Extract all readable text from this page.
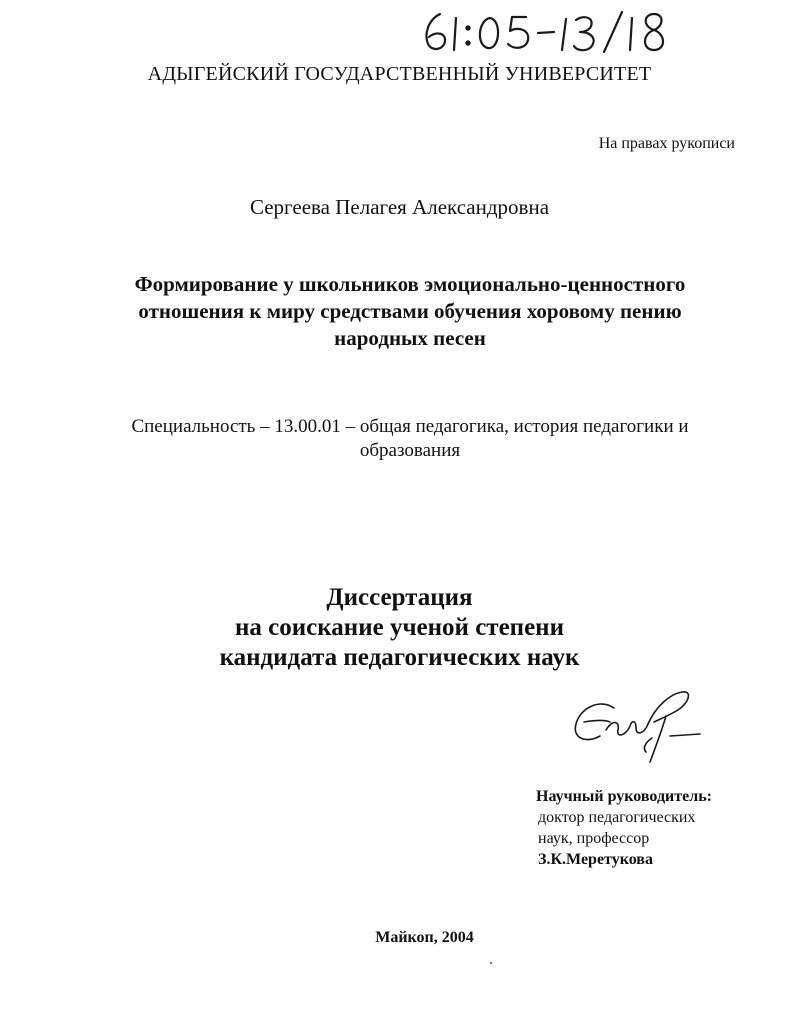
АДЫГЕЙСКИЙ ГОСУДАРСТВЕННЫЙ УНИВЕРСИТЕТ
На правах рукописи
Сергеева Пелагея Александровна
Формирование у школьников эмоционально-ценностного
отношения к миру средствами обучения хоровому пению
народных песен
Специальность – 13.00.01 – общая педагогика, история педагогики и
образования
Диссертация
на соискание ученой степени
кандидата педагогических наук
Научный руководитель:
доктор педагогических
наук, профессор
З.К.Меретукова
Майкоп, 2004
